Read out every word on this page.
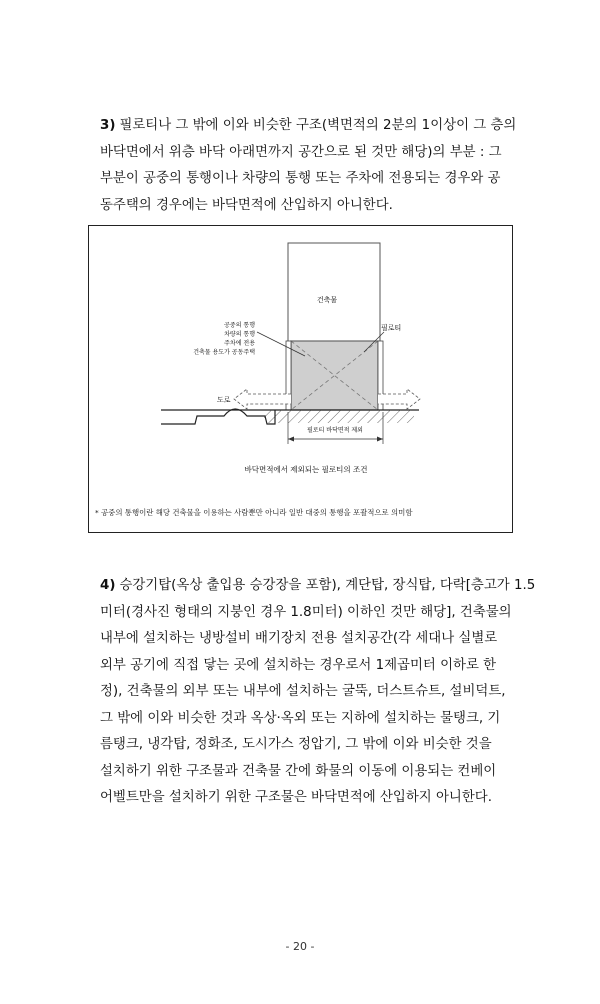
3) 필로티나 그 밖에 이와 비슷한 구조(벽면적의 2분의 1이상이 그 층의
바닥면에서 위층 바닥 아래면까지 공간으로 된 것만 해당)의 부분 : 그
부분이 공중의 통행이나 차량의 통행 또는 주차에 전용되는 경우와 공
동주택의 경우에는 바닥면적에 산입하지 아니한다.
건축물
필로티
공중의 통행
차량의 통행
주차에 전용
건축물 용도가 공동주택
도로
필로티 바닥면적 제외
바닥면적에서 제외되는 필로티의 조건
* 공중의 통행이란 해당 건축물을 이용하는 사람뿐만 아니라 일반 대중의 통행을 포괄적으로 의미함
4) 승강기탑(옥상 출입용 승강장을 포함), 계단탑, 장식탑, 다락[층고가 1.5
미터(경사진 형태의 지붕인 경우 1.8미터) 이하인 것만 해당], 건축물의
내부에 설치하는 냉방설비 배기장치 전용 설치공간(각 세대나 실별로
외부 공기에 직접 닿는 곳에 설치하는 경우로서 1제곱미터 이하로 한
정), 건축물의 외부 또는 내부에 설치하는 굴뚝, 더스트슈트, 설비덕트,
그 밖에 이와 비슷한 것과 옥상·옥외 또는 지하에 설치하는 물탱크, 기
름탱크, 냉각탑, 정화조, 도시가스 정압기, 그 밖에 이와 비슷한 것을
설치하기 위한 구조물과 건축물 간에 화물의 이동에 이용되는 컨베이
어벨트만을 설치하기 위한 구조물은 바닥면적에 산입하지 아니한다.
- 20 -
